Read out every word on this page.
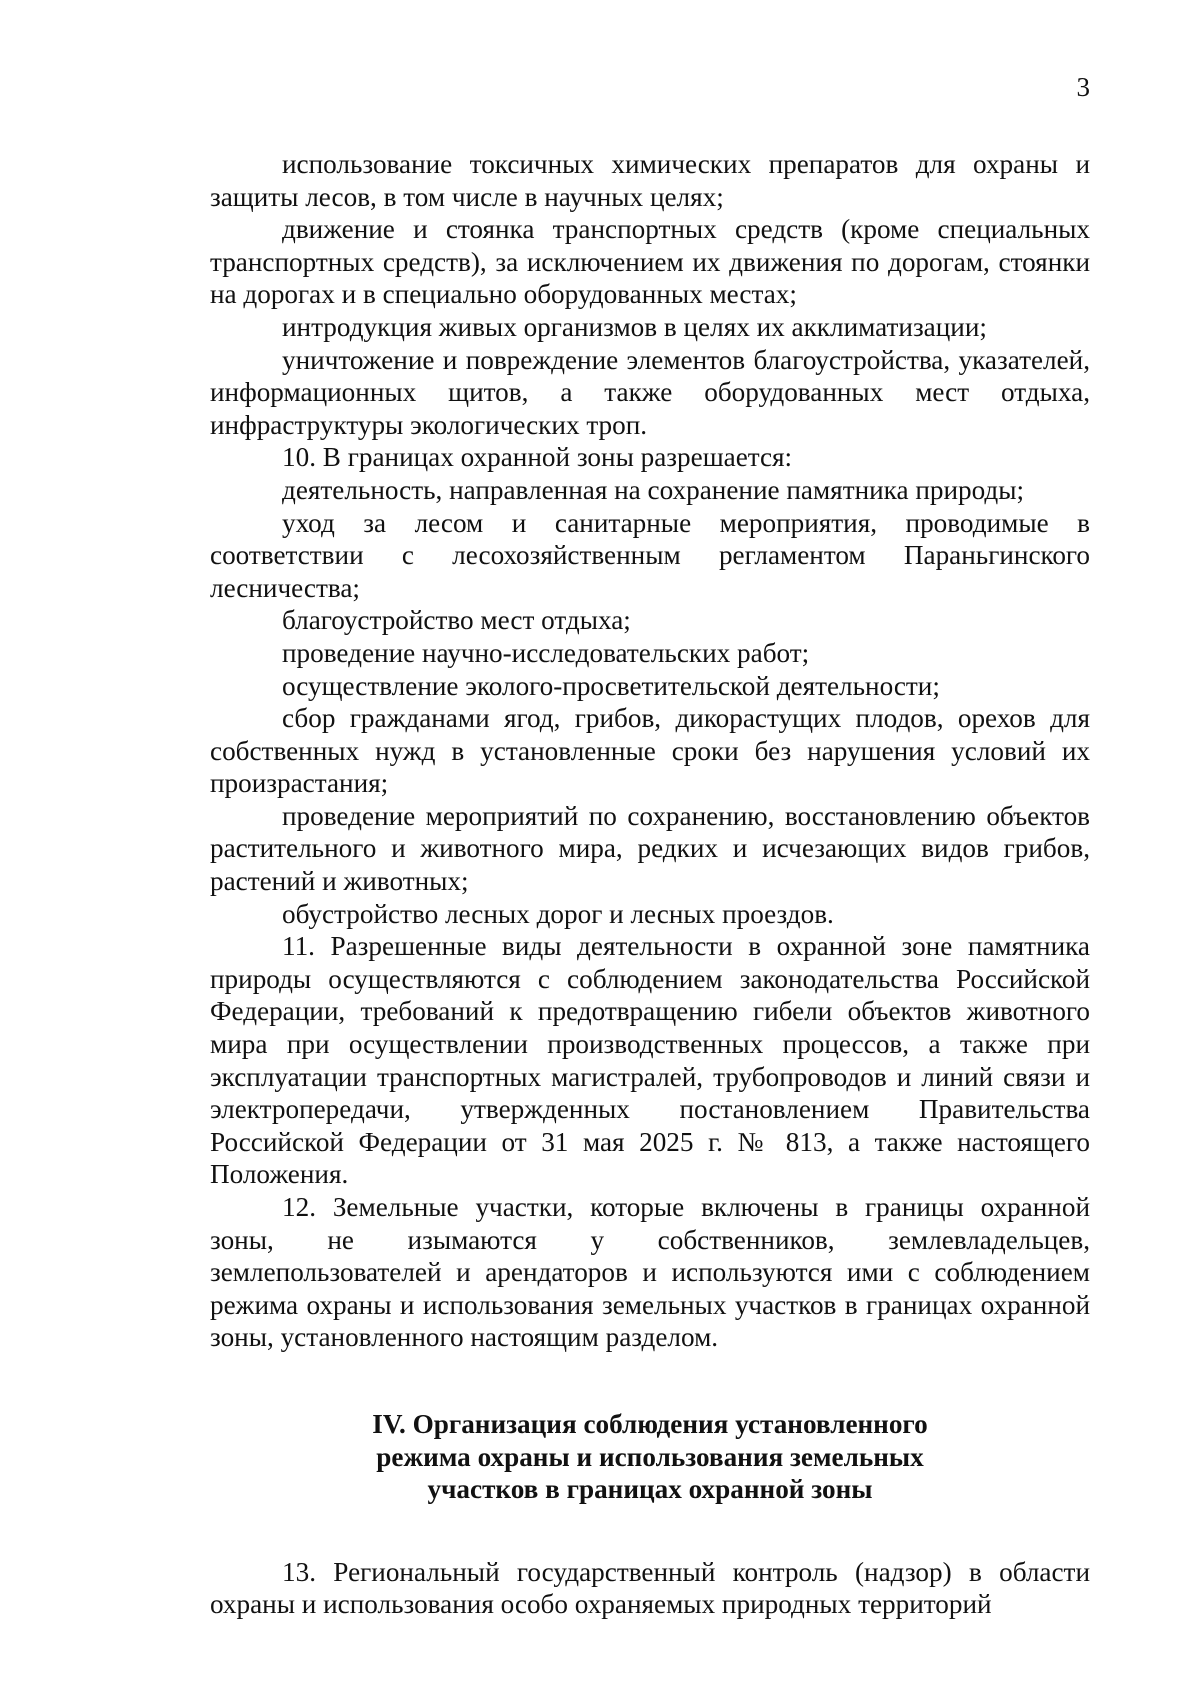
3

использование токсичных химических препаратов для охраны и защиты лесов, в том числе в научных целях;

движение и стоянка транспортных средств (кроме специальных транспортных средств), за исключением их движения по дорогам, стоянки на дорогах и в специально оборудованных местах;

интродукция живых организмов в целях их акклиматизации;

уничтожение и повреждение элементов благоустройства, указателей, информационных щитов, а также оборудованных мест отдыха, инфраструктуры экологических троп.

10. В границах охранной зоны разрешается:

деятельность, направленная на сохранение памятника природы;

уход за лесом и санитарные мероприятия, проводимые в соответствии с лесохозяйственным регламентом Параньгинского лесничества;

благоустройство мест отдыха;

проведение научно-исследовательских работ;

осуществление эколого-просветительской деятельности;

сбор гражданами ягод, грибов, дикорастущих плодов, орехов для собственных нужд в установленные сроки без нарушения условий их произрастания;

проведение мероприятий по сохранению, восстановлению объектов растительного и животного мира, редких и исчезающих видов грибов, растений и животных;

обустройство лесных дорог и лесных проездов.

11. Разрешенные виды деятельности в охранной зоне памятника природы осуществляются с соблюдением законодательства Российской Федерации, требований к предотвращению гибели объектов животного мира при осуществлении производственных процессов, а также при эксплуатации транспортных магистралей, трубопроводов и линий связи и электропередачи, утвержденных постановлением Правительства Российской Федерации от 31 мая 2025 г. № 813, а также настоящего Положения.

12. Земельные участки, которые включены в границы охранной зоны, не изымаются у собственников, землевладельцев, землепользователей и арендаторов и используются ими с соблюдением режима охраны и использования земельных участков в границах охранной зоны, установленного настоящим разделом.

IV. Организация соблюдения установленного
режима охраны и использования земельных
участков в границах охранной зоны

13. Региональный государственный контроль (надзор) в области охраны и использования особо охраняемых природных территорий
